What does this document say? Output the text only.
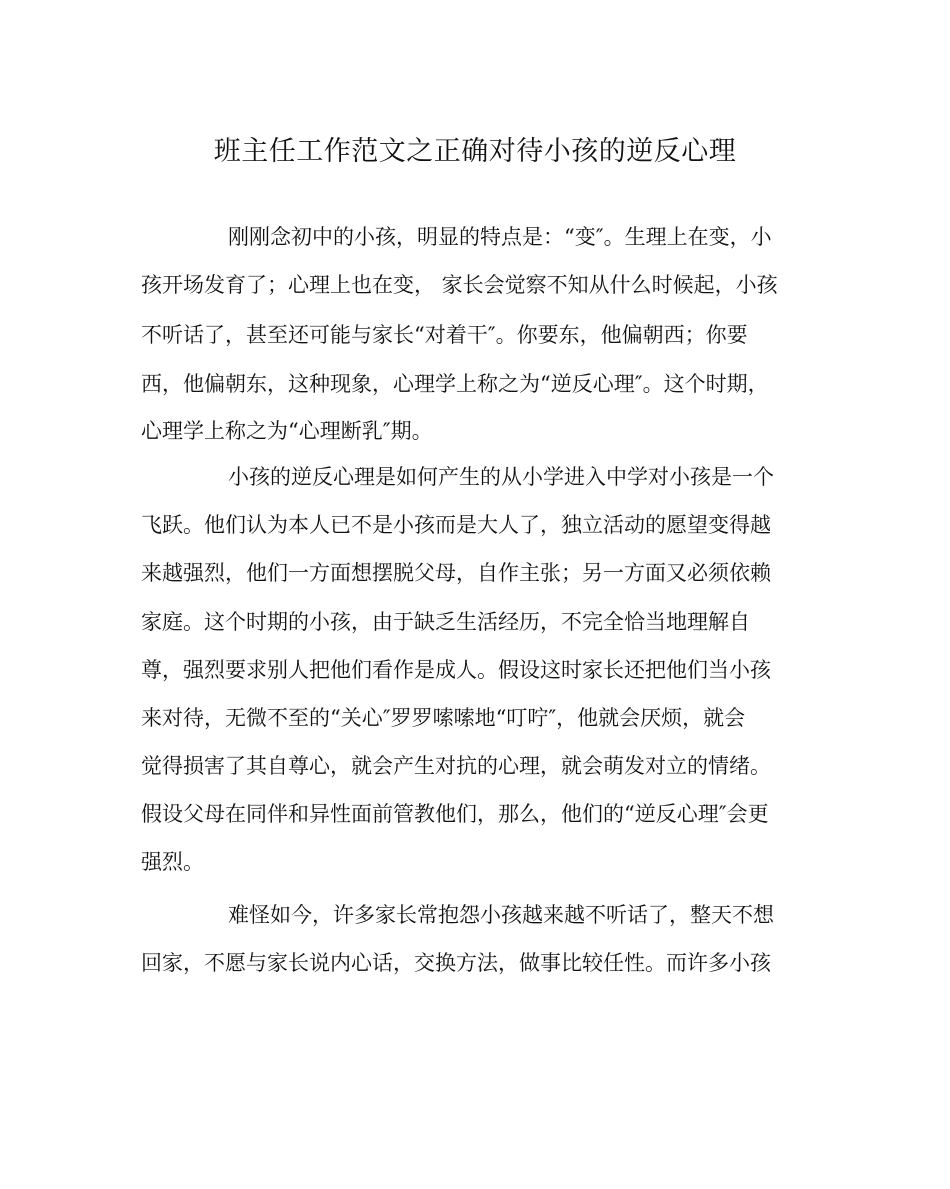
班主任工作范文之正确对待小孩的逆反心理

刚刚念初中的小孩，明显的特点是：“变″。生理上在变，小

孩开场发育了；心理上也在变， 家长会觉察不知从什么时候起，小孩

不听话了，甚至还可能与家长“对着干″。你要东，他偏朝西；你要

西，他偏朝东，这种现象，心理学上称之为“逆反心理″。这个时期，

心理学上称之为“心理断乳″期。

小孩的逆反心理是如何产生的从小学进入中学对小孩是一个

飞跃。他们认为本人已不是小孩而是大人了，独立活动的愿望变得越

来越强烈，他们一方面想摆脱父母，自作主张；另一方面又必须依赖

家庭。这个时期的小孩，由于缺乏生活经历，不完全恰当地理解自

尊，强烈要求别人把他们看作是成人。假设这时家长还把他们当小孩

来对待，无微不至的“关心″罗罗嗦嗦地“叮咛″，他就会厌烦，就会

觉得损害了其自尊心，就会产生对抗的心理，就会萌发对立的情绪。

假设父母在同伴和异性面前管教他们，那么，他们的“逆反心理″会更

强烈。

难怪如今，许多家长常抱怨小孩越来越不听话了，整天不想

回家，不愿与家长说内心话，交换方法，做事比较任性。而许多小孩
